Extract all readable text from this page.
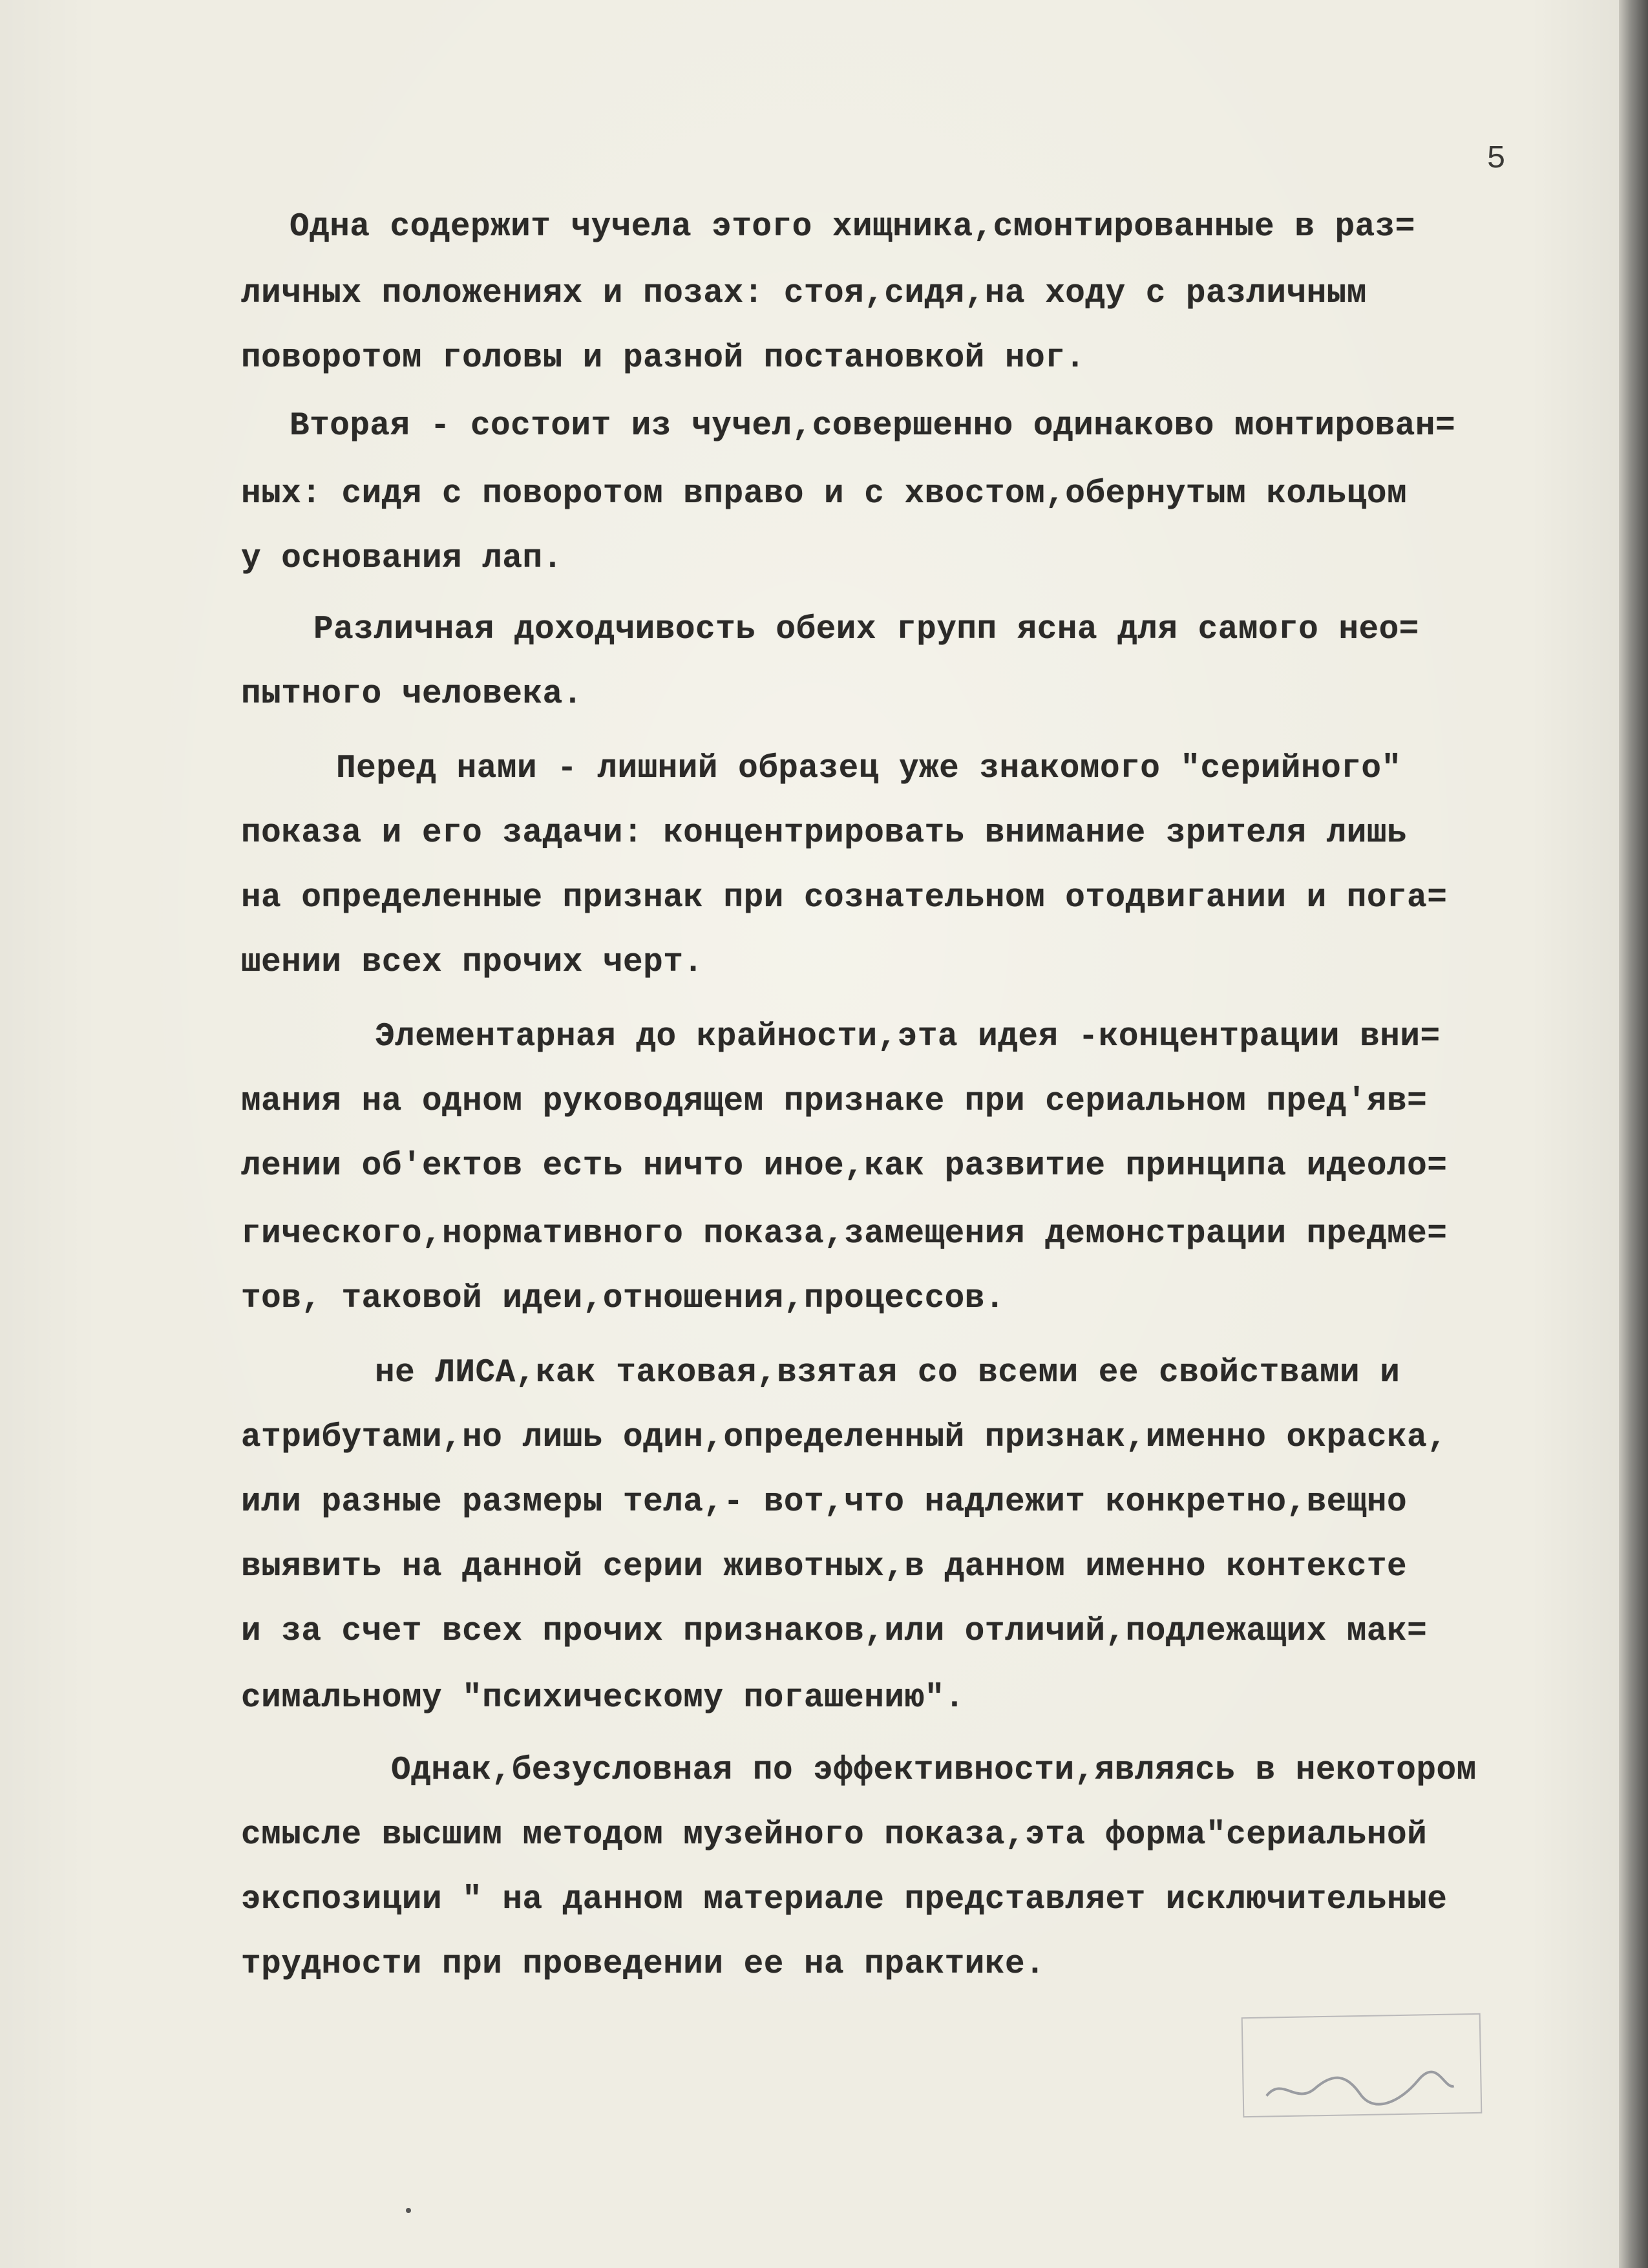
5
Одна содержит чучела этого хищника,смонтированные в раз=
личных положениях и позах: стоя,сидя,на ходу с различным
поворотом головы и разной постановкой ног.
Вторая - состоит из чучел,совершенно одинаково монтирован=
ных: сидя с поворотом вправо и с хвостом,обернутым кольцом
у основания лап.
Различная доходчивость обеих групп ясна для самого нео=
пытного человека.
Перед нами - лишний образец уже знакомого "серийного"
показа и его задачи: концентрировать внимание зрителя лишь
на определенные признак при сознательном отодвигании и пога=
шении всех прочих черт.
Элементарная до крайности,эта идея -концентрации вни=
мания на одном руководящем признаке при сериальном пред'яв=
лении об'ектов есть ничто иное,как развитие принципа идеоло=
гического,нормативного показа,замещения демонстрации предме=
тов, таковой идеи,отношения,процессов.
не ЛИСА,как таковая,взятая со всеми ее свойствами и
атрибутами,но лишь один,определенный признак,именно окраска,
или разные размеры тела,- вот,что надлежит конкретно,вещно
выявить на данной серии животных,в данном именно контексте
и за счет всех прочих признаков,или отличий,подлежащих мак=
симальному "психическому погашению".
Однак,безусловная по эффективности,являясь в некотором
смысле высшим методом музейного показа,эта форма"сериальной
экспозиции " на данном материале представляет исключительные
трудности при проведении ее на практике.
